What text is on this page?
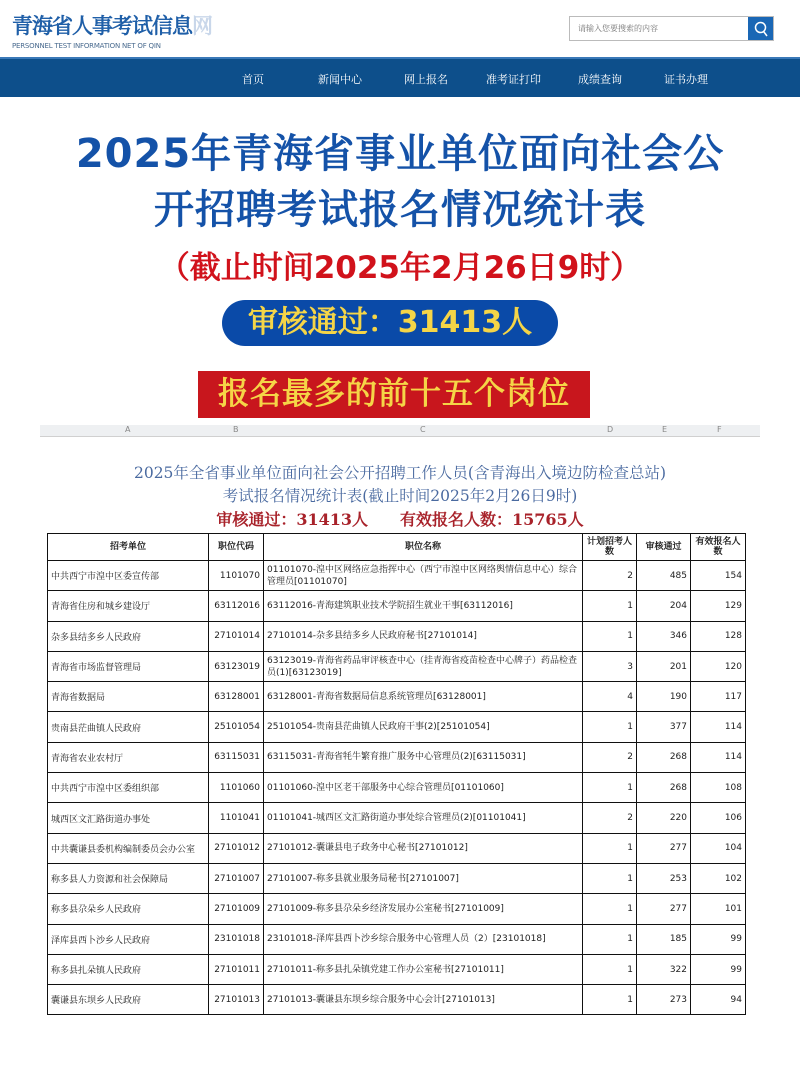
青海省人事考试信息网
PERSONNEL TEST INFORMATION NET OF QIN
请输入您要搜索的内容
首页	新闻中心	网上报名	准考证打印	成绩查询	证书办理
2025年青海省事业单位面向社会公
开招聘考试报名情况统计表
（截止时间2025年2月26日9时）
审核通过：31413人
报名最多的前十五个岗位
A	B	C	D	E	F
2025年全省事业单位面向社会公开招聘工作人员(含青海出入境边防检查总站)
考试报名情况统计表(截止时间2025年2月26日9时)
审核通过：31413人　　有效报名人数：15765人
招考单位	职位代码	职位名称	计划招考人数	审核通过	有效报名人数
中共西宁市湟中区委宣传部	1101070	01101070-湟中区网络应急指挥中心（西宁市湟中区网络舆情信息中心）综合管理员[01101070]	2	485	154
青海省住房和城乡建设厅	63112016	63112016-青海建筑职业技术学院招生就业干事[63112016]	1	204	129
杂多县结多乡人民政府	27101014	27101014-杂多县结多乡人民政府秘书[27101014]	1	346	128
青海省市场监督管理局	63123019	63123019-青海省药品审评核查中心（挂青海省疫苗检查中心牌子）药品检查员(1)[63123019]	3	201	120
青海省数据局	63128001	63128001-青海省数据局信息系统管理员[63128001]	4	190	117
贵南县茫曲镇人民政府	25101054	25101054-贵南县茫曲镇人民政府干事(2)[25101054]	1	377	114
青海省农业农村厅	63115031	63115031-青海省牦牛繁育推广服务中心管理员(2)[63115031]	2	268	114
中共西宁市湟中区委组织部	1101060	01101060-湟中区老干部服务中心综合管理员[01101060]	1	268	108
城西区文汇路街道办事处	1101041	01101041-城西区文汇路街道办事处综合管理员(2)[01101041]	2	220	106
中共囊谦县委机构编制委员会办公室	27101012	27101012-囊谦县电子政务中心秘书[27101012]	1	277	104
称多县人力资源和社会保障局	27101007	27101007-称多县就业服务局秘书[27101007]	1	253	102
称多县尕朵乡人民政府	27101009	27101009-称多县尕朵乡经济发展办公室秘书[27101009]	1	277	101
泽库县西卜沙乡人民政府	23101018	23101018-泽库县西卜沙乡综合服务中心管理人员（2）[23101018]	1	185	99
称多县扎朵镇人民政府	27101011	27101011-称多县扎朵镇党建工作办公室秘书[27101011]	1	322	99
囊谦县东坝乡人民政府	27101013	27101013-囊谦县东坝乡综合服务中心会计[27101013]	1	273	94
